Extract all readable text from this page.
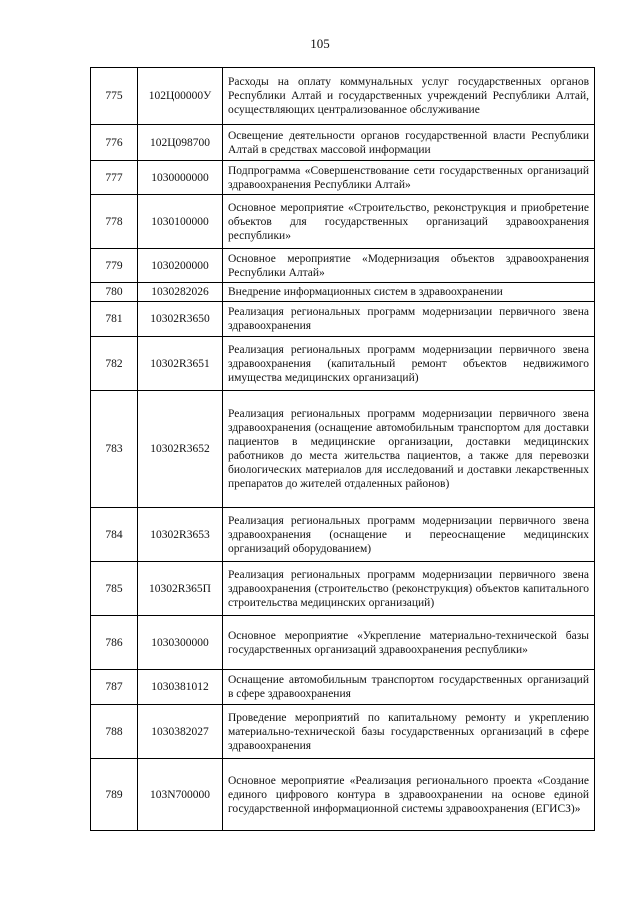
105
775	102Ц00000У	Расходы на оплату коммунальных услуг государственных органов Республики Алтай и государственных учреждений Республики Алтай, осуществляющих централизованное обслуживание
776	102Ц098700	Освещение деятельности органов государственной власти Республики Алтай в средствах массовой информации
777	1030000000	Подпрограмма «Совершенствование сети государственных организаций здравоохранения Республики Алтай»
778	1030100000	Основное мероприятие «Строительство, реконструкция и приобретение объектов для государственных организаций здравоохранения республики»
779	1030200000	Основное мероприятие «Модернизация объектов здравоохранения Республики Алтай»
780	1030282026	Внедрение информационных систем в здравоохранении
781	10302R3650	Реализация региональных программ модернизации первичного звена здравоохранения
782	10302R3651	Реализация региональных программ модернизации первичного звена здравоохранения (капитальный ремонт объектов недвижимого имущества медицинских организаций)
783	10302R3652	Реализация региональных программ модернизации первичного звена здравоохранения (оснащение автомобильным транспортом для доставки пациентов в медицинские организации, доставки медицинских работников до места жительства пациентов, а также для перевозки биологических материалов для исследований и доставки лекарственных препаратов до жителей отдаленных районов)
784	10302R3653	Реализация региональных программ модернизации первичного звена здравоохранения (оснащение и переоснащение медицинских организаций оборудованием)
785	10302R365П	Реализация региональных программ модернизации первичного звена здравоохранения (строительство (реконструкция) объектов капитального строительства медицинских организаций)
786	1030300000	Основное мероприятие «Укрепление материально-технической базы государственных организаций здравоохранения республики»
787	1030381012	Оснащение автомобильным транспортом государственных организаций в сфере здравоохранения
788	1030382027	Проведение мероприятий по капитальному ремонту и укреплению материально-технической базы государственных организаций в сфере здравоохранения
789	103N700000	Основное мероприятие «Реализация регионального проекта «Создание единого цифрового контура в здравоохранении на основе единой государственной информационной системы здравоохранения (ЕГИСЗ)»
